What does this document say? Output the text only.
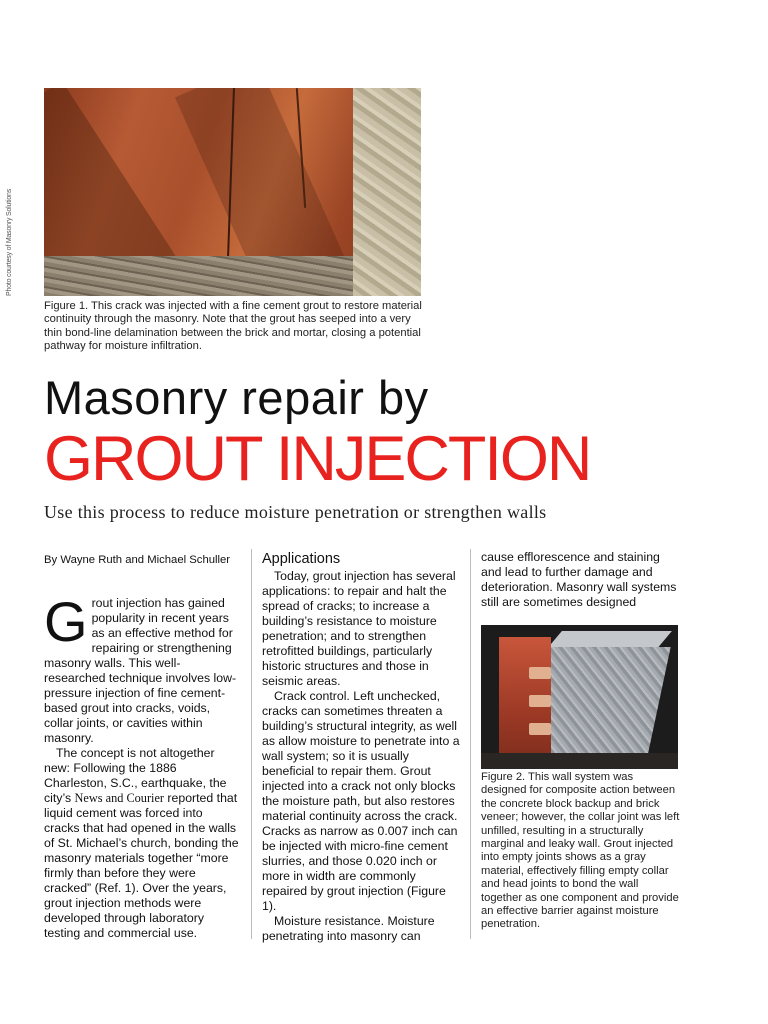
Photo courtesy of Masonry Solutions
Figure 1. This crack was injected with a fine cement grout to restore material continuity through the masonry. Note that the grout has seeped into a very thin bond-line delamination between the brick and mortar, closing a potential pathway for moisture infiltration.
Masonry repair by
GROUT INJECTION
Use this process to reduce moisture penetration or strengthen walls

By Wayne Ruth and Michael Schuller

Grout injection has gained popularity in recent years as an effective method for repairing or strengthening masonry walls. This well-researched technique involves low-pressure injection of fine cement-based grout into cracks, voids, collar joints, or cavities within masonry.

The concept is not altogether new: Following the 1886 Charleston, S.C., earthquake, the city’s News and Courier reported that liquid cement was forced into cracks that had opened in the walls of St. Michael’s church, bonding the masonry materials together “more firmly than before they were cracked” (Ref. 1). Over the years, grout injection methods were developed through laboratory testing and commercial use.

Applications

Today, grout injection has several applications: to repair and halt the spread of cracks; to increase a building’s resistance to moisture penetration; and to strengthen retrofitted buildings, particularly historic structures and those in seismic areas.

Crack control. Left unchecked, cracks can sometimes threaten a building’s structural integrity, as well as allow moisture to penetrate into a wall system; so it is usually beneficial to repair them. Grout injected into a crack not only blocks the moisture path, but also restores material continuity across the crack. Cracks as narrow as 0.007 inch can be injected with micro-fine cement slurries, and those 0.020 inch or more in width are commonly repaired by grout injection (Figure 1).

Moisture resistance. Moisture penetrating into masonry can

cause efflorescence and staining and lead to further damage and deterioration. Masonry wall systems still are sometimes designed

Figure 2. This wall system was designed for composite action between the concrete block backup and brick veneer; however, the collar joint was left unfilled, resulting in a structurally marginal and leaky wall. Grout injected into empty joints shows as a gray material, effectively filling empty collar and head joints to bond the wall together as one component and provide an effective barrier against moisture penetration.
